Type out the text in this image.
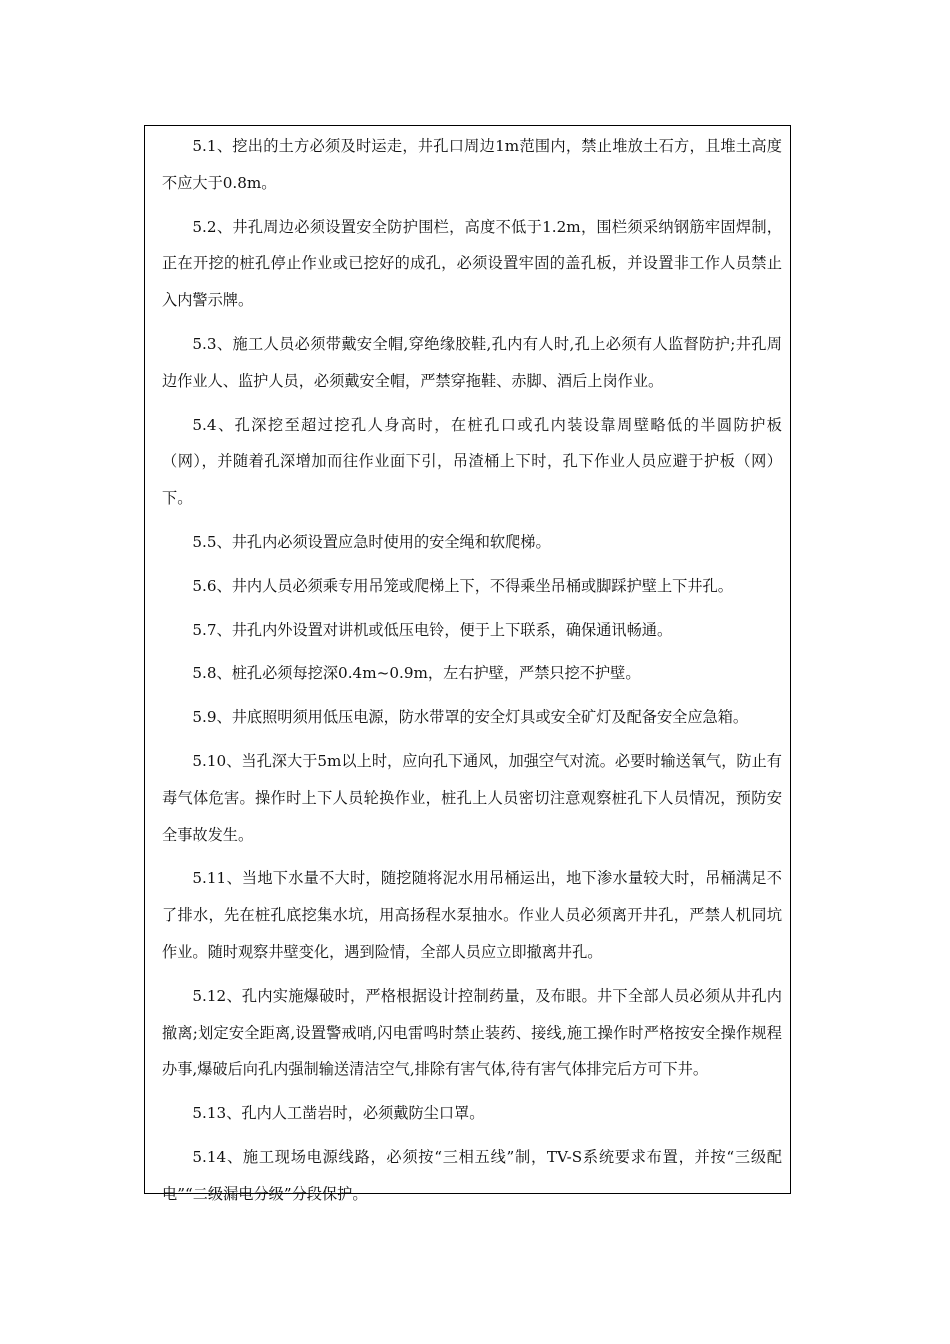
5.1、挖出的土方必须及时运走，井孔口周边1m范围内，禁止堆放土石方，且堆土高度不应大于0.8m。

5.2、井孔周边必须设置安全防护围栏，高度不低于1.2m，围栏须采纳钢筋牢固焊制，正在开挖的桩孔停止作业或已挖好的成孔，必须设置牢固的盖孔板，并设置非工作人员禁止入内警示牌。

5.3、施工人员必须带戴安全帽,穿绝缘胶鞋,孔内有人时,孔上必须有人监督防护;井孔周边作业人、监护人员，必须戴安全帽，严禁穿拖鞋、赤脚、酒后上岗作业。

5.4、孔深挖至超过挖孔人身高时，在桩孔口或孔内装设靠周壁略低的半圆防护板（网），并随着孔深增加而往作业面下引，吊渣桶上下时，孔下作业人员应避于护板（网）下。

5.5、井孔内必须设置应急时使用的安全绳和软爬梯。

5.6、井内人员必须乘专用吊笼或爬梯上下，不得乘坐吊桶或脚踩护壁上下井孔。

5.7、井孔内外设置对讲机或低压电铃，便于上下联系，确保通讯畅通。

5.8、桩孔必须每挖深0.4m~0.9m，左右护壁，严禁只挖不护壁。

5.9、井底照明须用低压电源，防水带罩的安全灯具或安全矿灯及配备安全应急箱。

5.10、当孔深大于5m以上时，应向孔下通风，加强空气对流。必要时输送氧气，防止有毒气体危害。操作时上下人员轮换作业，桩孔上人员密切注意观察桩孔下人员情况，预防安全事故发生。

5.11、当地下水量不大时，随挖随将泥水用吊桶运出，地下渗水量较大时，吊桶满足不了排水，先在桩孔底挖集水坑，用高扬程水泵抽水。作业人员必须离开井孔，严禁人机同坑作业。随时观察井壁变化，遇到险情，全部人员应立即撤离井孔。

5.12、孔内实施爆破时，严格根据设计控制药量，及布眼。井下全部人员必须从井孔内撤离;划定安全距离,设置警戒哨,闪电雷鸣时禁止装药、接线,施工操作时严格按安全操作规程办事,爆破后向孔内强制输送清洁空气,排除有害气体,待有害气体排完后方可下井。

5.13、孔内人工凿岩时，必须戴防尘口罩。

5.14、施工现场电源线路，必须按“三相五线”制，TV-S系统要求布置，并按“三级配电”“二级漏电分级”分段保护。
